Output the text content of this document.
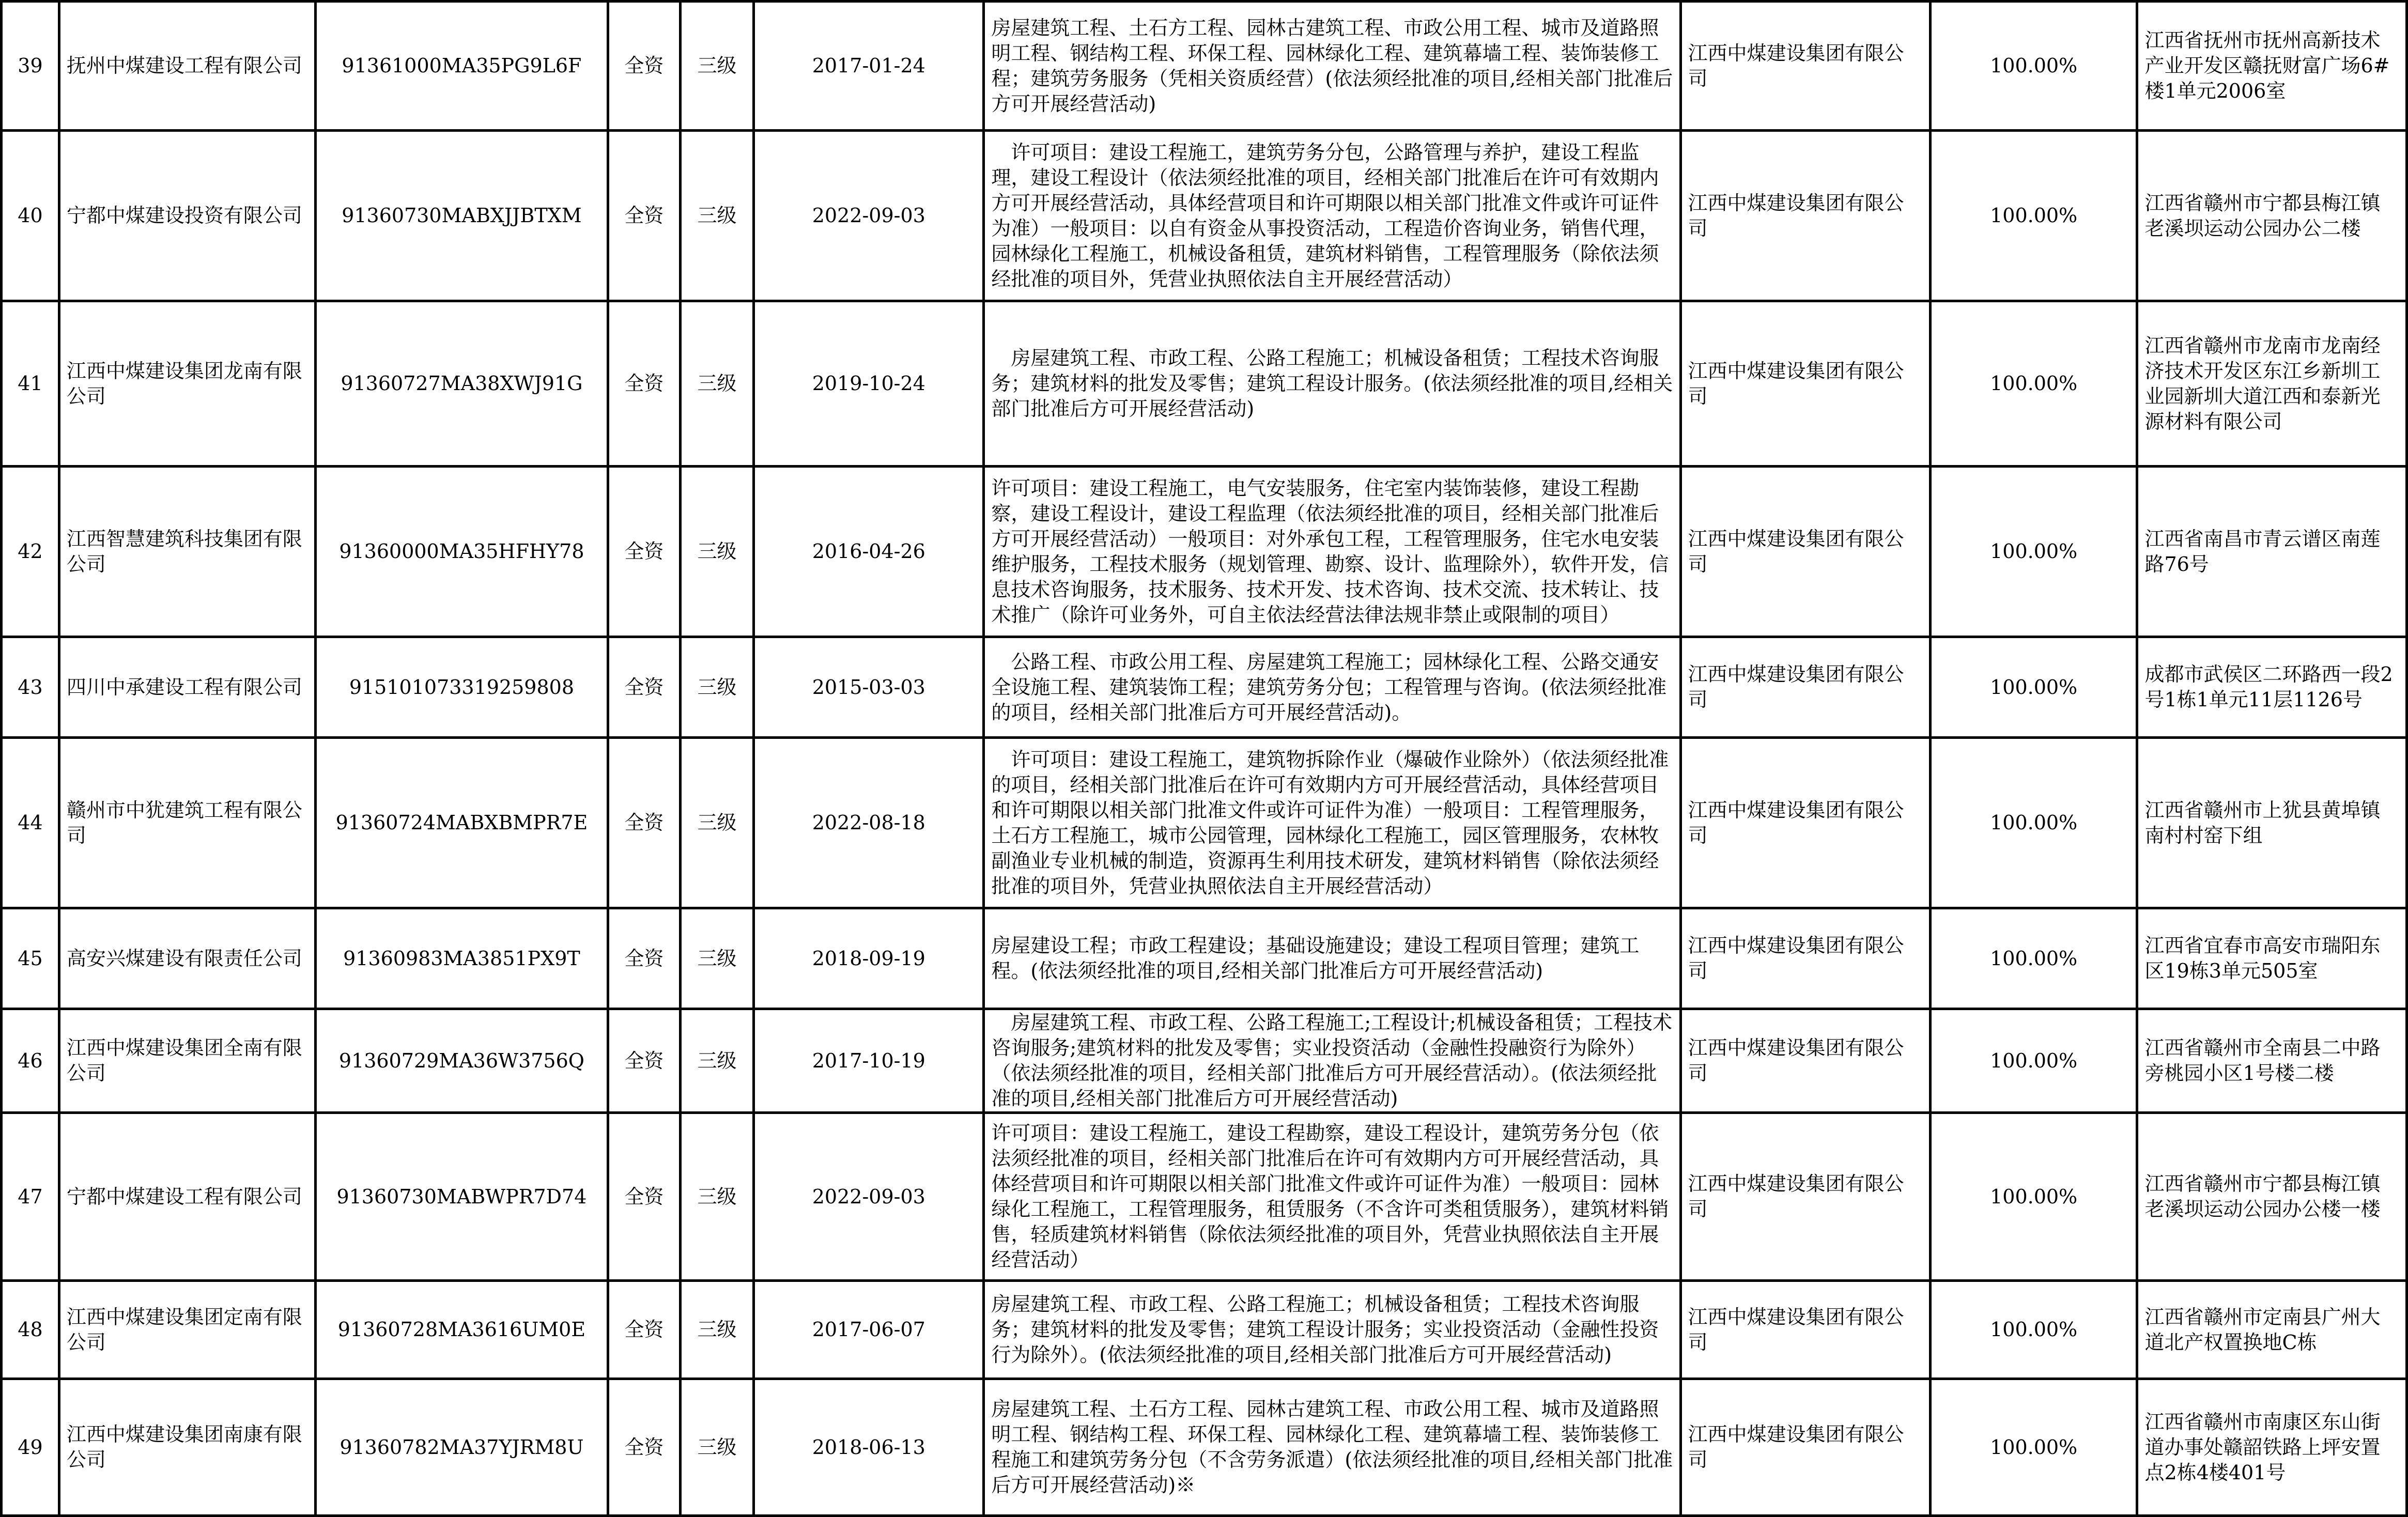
39	抚州中煤建设工程有限公司	91361000MA35PG9L6F	全资	三级	2017-01-24	房屋建筑工程、土石方工程、园林古建筑工程、市政公用工程、城市及道路照明工程、钢结构工程、环保工程、园林绿化工程、建筑幕墙工程、装饰装修工程；建筑劳务服务（凭相关资质经营）(依法须经批准的项目,经相关部门批准后方可开展经营活动)	江西中煤建设集团有限公司	100.00%	江西省抚州市抚州高新技术产业开发区赣抚财富广场6#楼1单元2006室
40	宁都中煤建设投资有限公司	91360730MABXJJBTXM	全资	三级	2022-09-03	　许可项目：建设工程施工，建筑劳务分包，公路管理与养护，建设工程监理，建设工程设计（依法须经批准的项目，经相关部门批准后在许可有效期内方可开展经营活动，具体经营项目和许可期限以相关部门批准文件或许可证件为准）一般项目：以自有资金从事投资活动，工程造价咨询业务，销售代理，园林绿化工程施工，机械设备租赁，建筑材料销售，工程管理服务（除依法须经批准的项目外，凭营业执照依法自主开展经营活动）	江西中煤建设集团有限公司	100.00%	江西省赣州市宁都县梅江镇老溪坝运动公园办公二楼
41	江西中煤建设集团龙南有限公司	91360727MA38XWJ91G	全资	三级	2019-10-24	　房屋建筑工程、市政工程、公路工程施工；机械设备租赁；工程技术咨询服务；建筑材料的批发及零售；建筑工程设计服务。(依法须经批准的项目,经相关部门批准后方可开展经营活动)	江西中煤建设集团有限公司	100.00%	江西省赣州市龙南市龙南经济技术开发区东江乡新圳工业园新圳大道江西和泰新光源材料有限公司
42	江西智慧建筑科技集团有限公司	91360000MA35HFHY78	全资	三级	2016-04-26	许可项目：建设工程施工，电气安装服务，住宅室内装饰装修，建设工程勘察，建设工程设计，建设工程监理（依法须经批准的项目，经相关部门批准后方可开展经营活动）一般项目：对外承包工程，工程管理服务，住宅水电安装维护服务，工程技术服务（规划管理、勘察、设计、监理除外），软件开发，信息技术咨询服务，技术服务、技术开发、技术咨询、技术交流、技术转让、技术推广（除许可业务外，可自主依法经营法律法规非禁止或限制的项目）	江西中煤建设集团有限公司	100.00%	江西省南昌市青云谱区南莲路76号
43	四川中承建设工程有限公司	915101073319259808	全资	三级	2015-03-03	　公路工程、市政公用工程、房屋建筑工程施工；园林绿化工程、公路交通安全设施工程、建筑装饰工程；建筑劳务分包；工程管理与咨询。(依法须经批准的项目，经相关部门批准后方可开展经营活动)。	江西中煤建设集团有限公司	100.00%	成都市武侯区二环路西一段2号1栋1单元11层1126号
44	赣州市中犹建筑工程有限公司	91360724MABXBMPR7E	全资	三级	2022-08-18	　许可项目：建设工程施工，建筑物拆除作业（爆破作业除外）（依法须经批准的项目，经相关部门批准后在许可有效期内方可开展经营活动，具体经营项目和许可期限以相关部门批准文件或许可证件为准）一般项目：工程管理服务，土石方工程施工，城市公园管理，园林绿化工程施工，园区管理服务，农林牧副渔业专业机械的制造，资源再生利用技术研发，建筑材料销售（除依法须经批准的项目外，凭营业执照依法自主开展经营活动）	江西中煤建设集团有限公司	100.00%	江西省赣州市上犹县黄埠镇南村村窑下组
45	高安兴煤建设有限责任公司	91360983MA3851PX9T	全资	三级	2018-09-19	房屋建设工程；市政工程建设；基础设施建设；建设工程项目管理；建筑工程。(依法须经批准的项目,经相关部门批准后方可开展经营活动)	江西中煤建设集团有限公司	100.00%	江西省宜春市高安市瑞阳东区19栋3单元505室
46	江西中煤建设集团全南有限公司	91360729MA36W3756Q	全资	三级	2017-10-19	　房屋建筑工程、市政工程、公路工程施工;工程设计;机械设备租赁；工程技术咨询服务;建筑材料的批发及零售；实业投资活动（金融性投融资行为除外）（依法须经批准的项目，经相关部门批准后方可开展经营活动）。(依法须经批准的项目,经相关部门批准后方可开展经营活动)	江西中煤建设集团有限公司	100.00%	江西省赣州市全南县二中路旁桃园小区1号楼二楼
47	宁都中煤建设工程有限公司	91360730MABWPR7D74	全资	三级	2022-09-03	许可项目：建设工程施工，建设工程勘察，建设工程设计，建筑劳务分包（依法须经批准的项目，经相关部门批准后在许可有效期内方可开展经营活动，具体经营项目和许可期限以相关部门批准文件或许可证件为准）一般项目：园林绿化工程施工，工程管理服务，租赁服务（不含许可类租赁服务），建筑材料销售，轻质建筑材料销售（除依法须经批准的项目外，凭营业执照依法自主开展经营活动）	江西中煤建设集团有限公司	100.00%	江西省赣州市宁都县梅江镇老溪坝运动公园办公楼一楼
48	江西中煤建设集团定南有限公司	91360728MA3616UM0E	全资	三级	2017-06-07	房屋建筑工程、市政工程、公路工程施工；机械设备租赁；工程技术咨询服务；建筑材料的批发及零售；建筑工程设计服务；实业投资活动（金融性投资行为除外）。(依法须经批准的项目,经相关部门批准后方可开展经营活动)	江西中煤建设集团有限公司	100.00%	江西省赣州市定南县广州大道北产权置换地C栋
49	江西中煤建设集团南康有限公司	91360782MA37YJRM8U	全资	三级	2018-06-13	房屋建筑工程、土石方工程、园林古建筑工程、市政公用工程、城市及道路照明工程、钢结构工程、环保工程、园林绿化工程、建筑幕墙工程、装饰装修工程施工和建筑劳务分包（不含劳务派遣）(依法须经批准的项目,经相关部门批准后方可开展经营活动)※	江西中煤建设集团有限公司	100.00%	江西省赣州市南康区东山街道办事处赣韶铁路上坪安置点2栋4楼401号
